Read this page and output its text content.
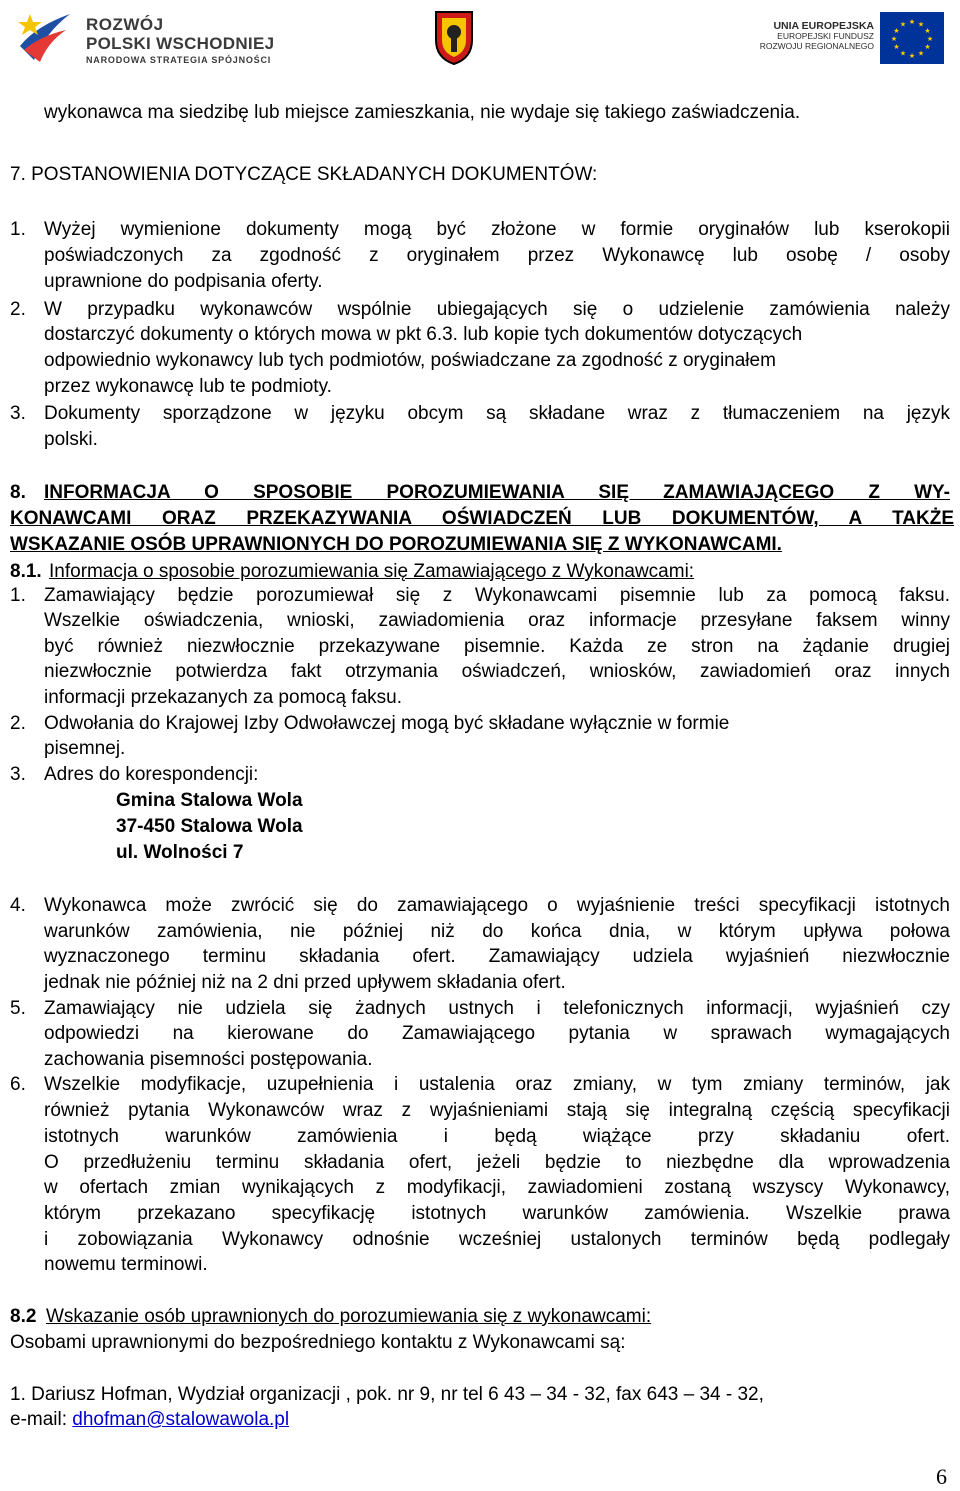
ROZWÓJ
POLSKI WSCHODNIEJ
NARODOWA STRATEGIA SPÓJNOŚCI
UNIA EUROPEJSKA
EUROPEJSKI FUNDUSZ
ROZWOJU REGIONALNEGO
★ ★
★
★
★
★
★
★
★
★
★
★
wykonawca ma siedzibę lub miejsce zamieszkania, nie wydaje się takiego zaświadczenia.
7. POSTANOWIENIA DOTYCZĄCE SKŁADANYCH DOKUMENTÓW:
1. Wyżej wymienione dokumenty mogą być złożone w formie oryginałów lub kserokopii
poświadczonych za zgodność z oryginałem przez Wykonawcę lub osobę / osoby
uprawnione do podpisania oferty.
2. W przypadku wykonawców wspólnie ubiegających się o udzielenie zamówienia należy
dostarczyć dokumenty o których mowa w pkt 6.3. lub kopie tych dokumentów dotyczących
odpowiednio wykonawcy lub tych podmiotów, poświadczane za zgodność z oryginałem
przez wykonawcę lub te podmioty.
3. Dokumenty sporządzone w języku obcym są składane wraz z tłumaczeniem na język
polski.
8. INFORMACJA O SPOSOBIE POROZUMIEWANIA SIĘ ZAMAWIAJĄCEGO Z WY-
KONAWCAMI ORAZ PRZEKAZYWANIA OŚWIADCZEŃ LUB DOKUMENTÓW, A TAKŻE
WSKAZANIE OSÓB UPRAWNIONYCH DO POROZUMIEWANIA SIĘ Z WYKONAWCAMI.
8.1. Informacja o sposobie porozumiewania się Zamawiającego z Wykonawcami:
1. Zamawiający będzie porozumiewał się z Wykonawcami pisemnie lub za pomocą faksu.
Wszelkie oświadczenia, wnioski, zawiadomienia oraz informacje przesyłane faksem winny
być również niezwłocznie przekazywane pisemnie. Każda ze stron na żądanie drugiej
niezwłocznie potwierdza fakt otrzymania oświadczeń, wniosków, zawiadomień oraz innych
informacji przekazanych za pomocą faksu.
2. Odwołania do Krajowej Izby Odwoławczej mogą być składane wyłącznie w formie
pisemnej.
3. Adres do korespondencji:
Gmina Stalowa Wola
37-450 Stalowa Wola
ul. Wolności 7
4. Wykonawca może zwrócić się do zamawiającego o wyjaśnienie treści specyfikacji istotnych
warunków zamówienia, nie później niż do końca dnia, w którym upływa połowa
wyznaczonego terminu składania ofert. Zamawiający udziela wyjaśnień niezwłocznie
jednak nie później niż na 2 dni przed upływem składania ofert.
5. Zamawiający nie udziela się żadnych ustnych i telefonicznych informacji, wyjaśnień czy
odpowiedzi na kierowane do Zamawiającego pytania w sprawach wymagających
zachowania pisemności postępowania.
6. Wszelkie modyfikacje, uzupełnienia i ustalenia oraz zmiany, w tym zmiany terminów, jak
również pytania Wykonawców wraz z wyjaśnieniami stają się integralną częścią specyfikacji
istotnych warunków zamówienia i będą wiążące przy składaniu ofert.
O przedłużeniu terminu składania ofert, jeżeli będzie to niezbędne dla wprowadzenia
w ofertach zmian wynikających z modyfikacji, zawiadomieni zostaną wszyscy Wykonawcy,
którym przekazano specyfikację istotnych warunków zamówienia. Wszelkie prawa
i zobowiązania Wykonawcy odnośnie wcześniej ustalonych terminów będą podlegały
nowemu terminowi.
8.2 Wskazanie osób uprawnionych do porozumiewania się z wykonawcami:
Osobami uprawnionymi do bezpośredniego kontaktu z Wykonawcami są:
1. Dariusz Hofman, Wydział organizacji , pok. nr 9, nr tel 6 43 – 34 - 32, fax 643 – 34 - 32,
e-mail: dhofman@stalowawola.pl
6
